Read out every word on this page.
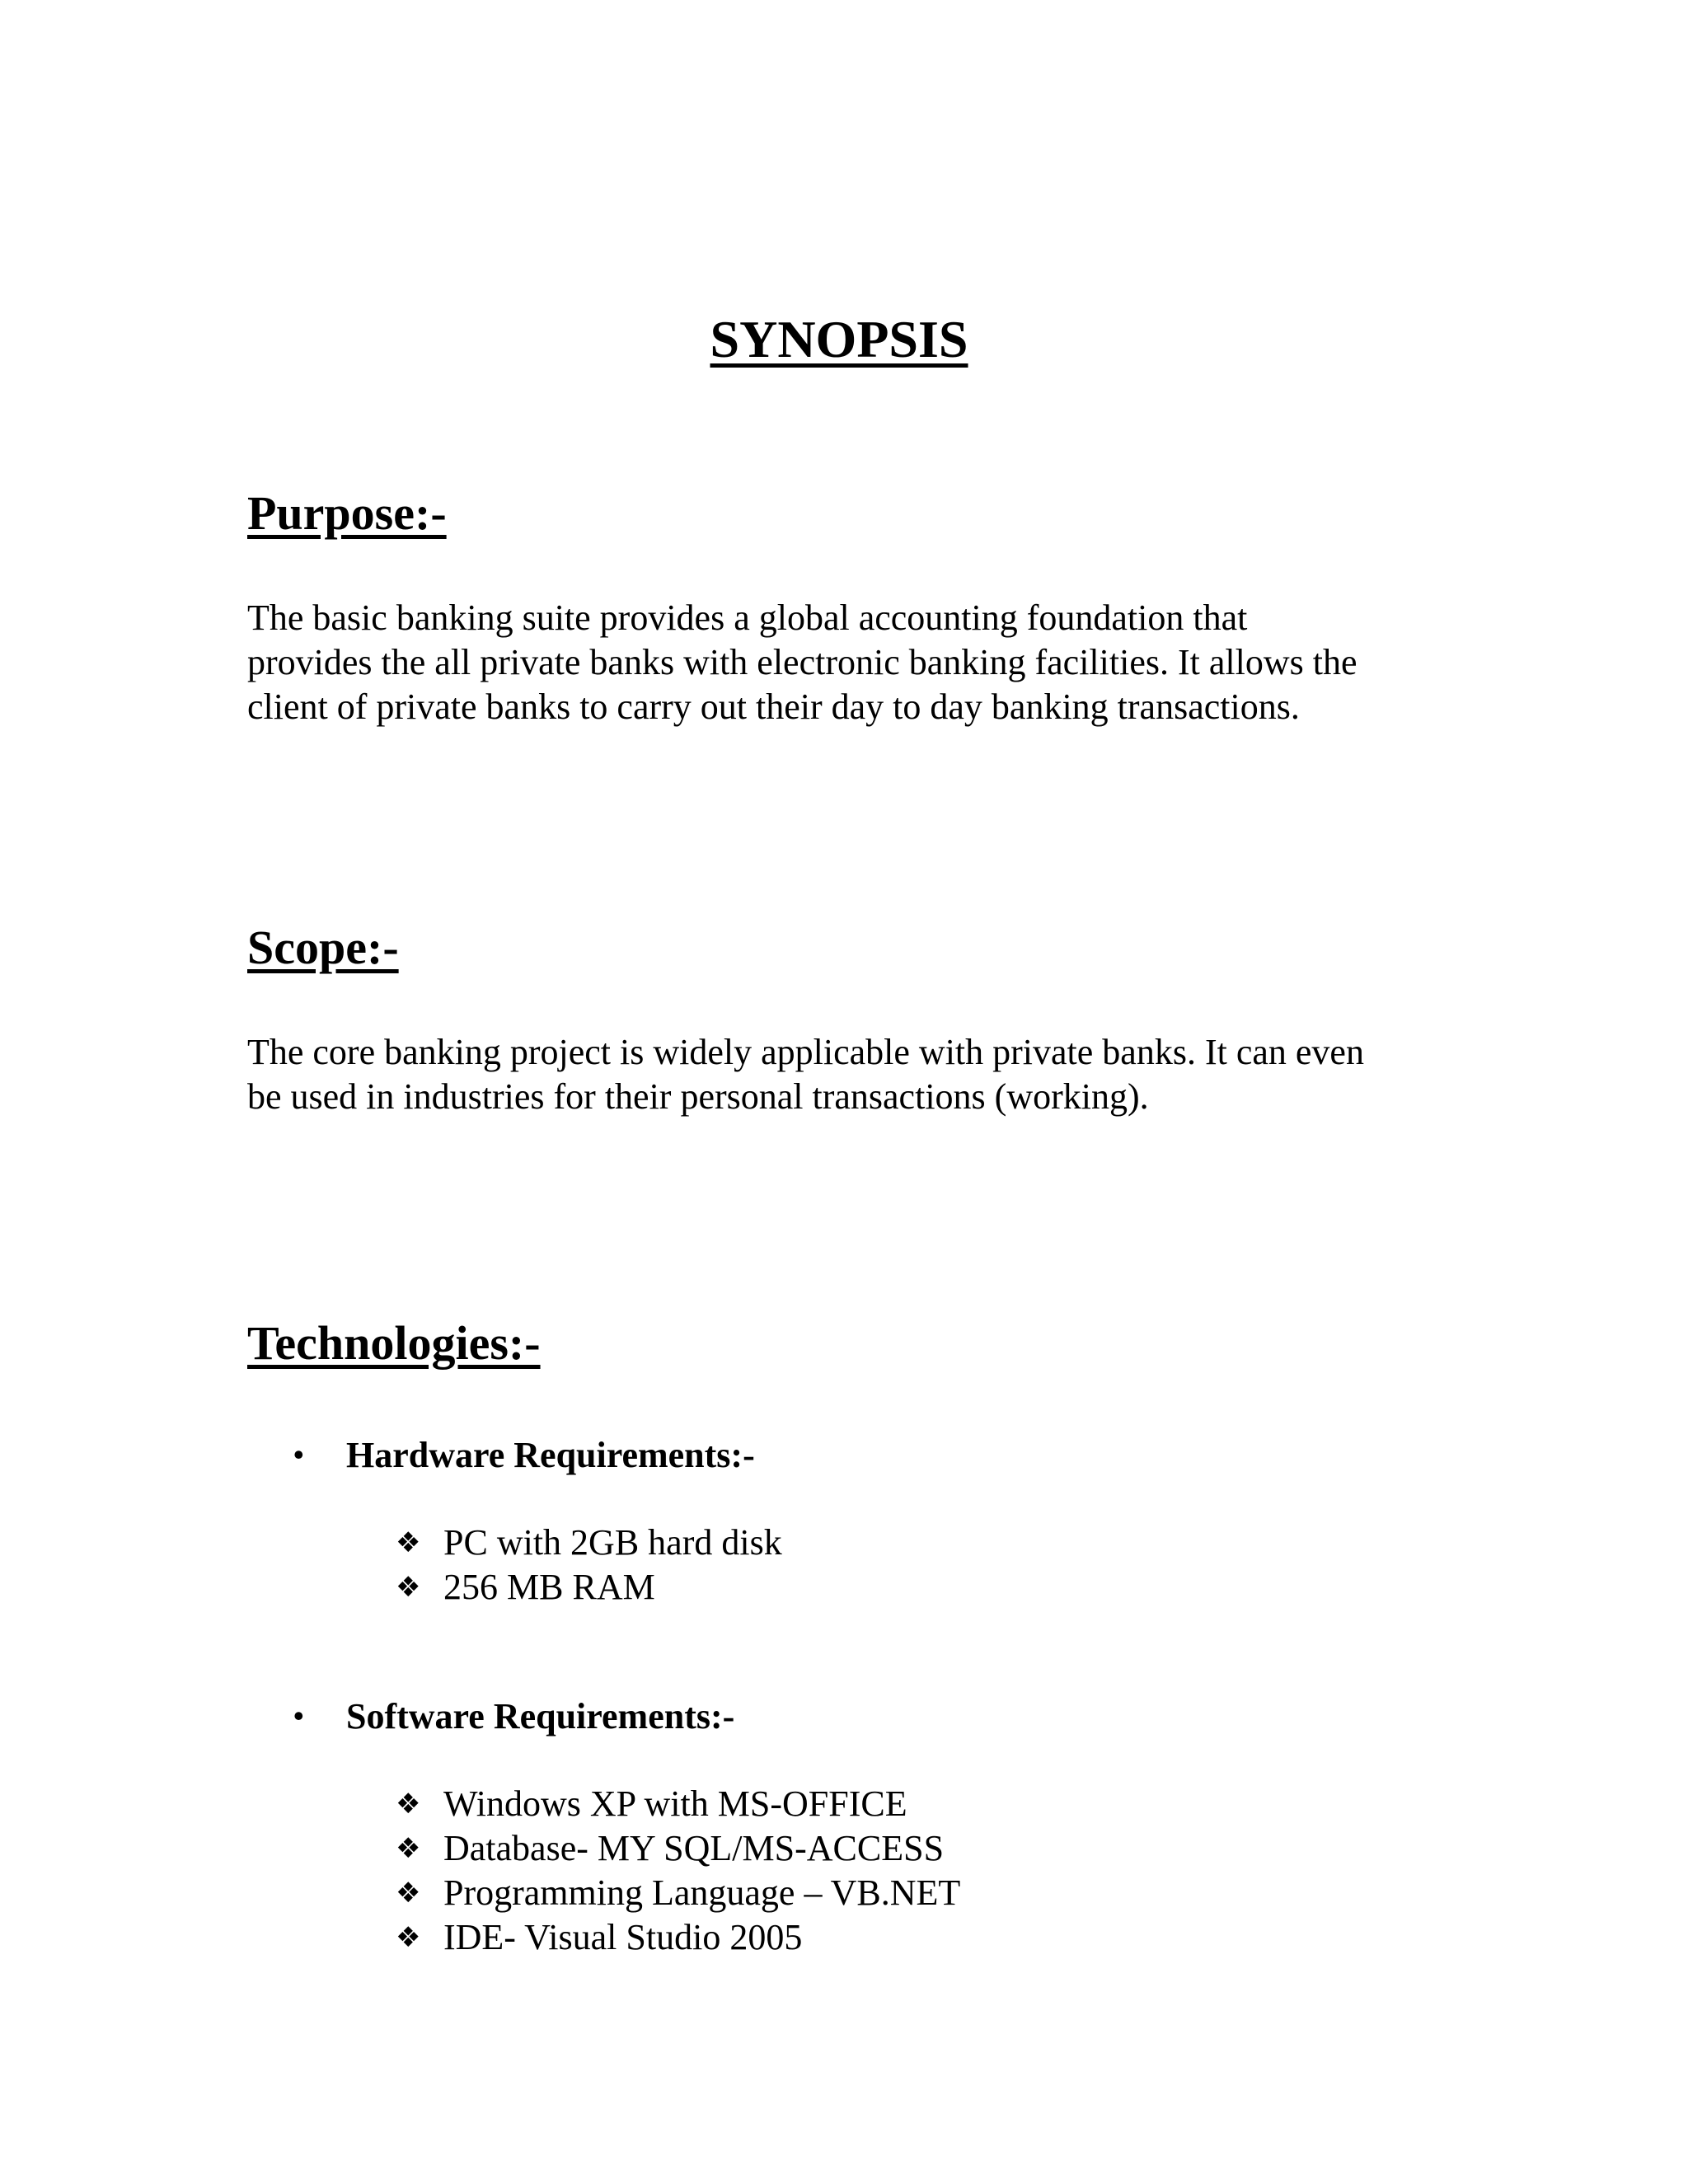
SYNOPSIS
Purpose:-

The basic banking suite provides a global accounting foundation that
provides the all private banks with electronic banking facilities. It allows the
client of private banks to carry out their day to day banking transactions.

Scope:-

The core banking project is widely applicable with private banks. It can even
be used in industries for their personal transactions (working).

Technologies:-
• Hardware Requirements:-
❖ PC with 2GB hard disk
❖ 256 MB RAM
• Software Requirements:-
❖ Windows XP with MS-OFFICE
❖ Database- MY SQL/MS-ACCESS
❖ Programming Language – VB.NET
❖ IDE- Visual Studio 2005
